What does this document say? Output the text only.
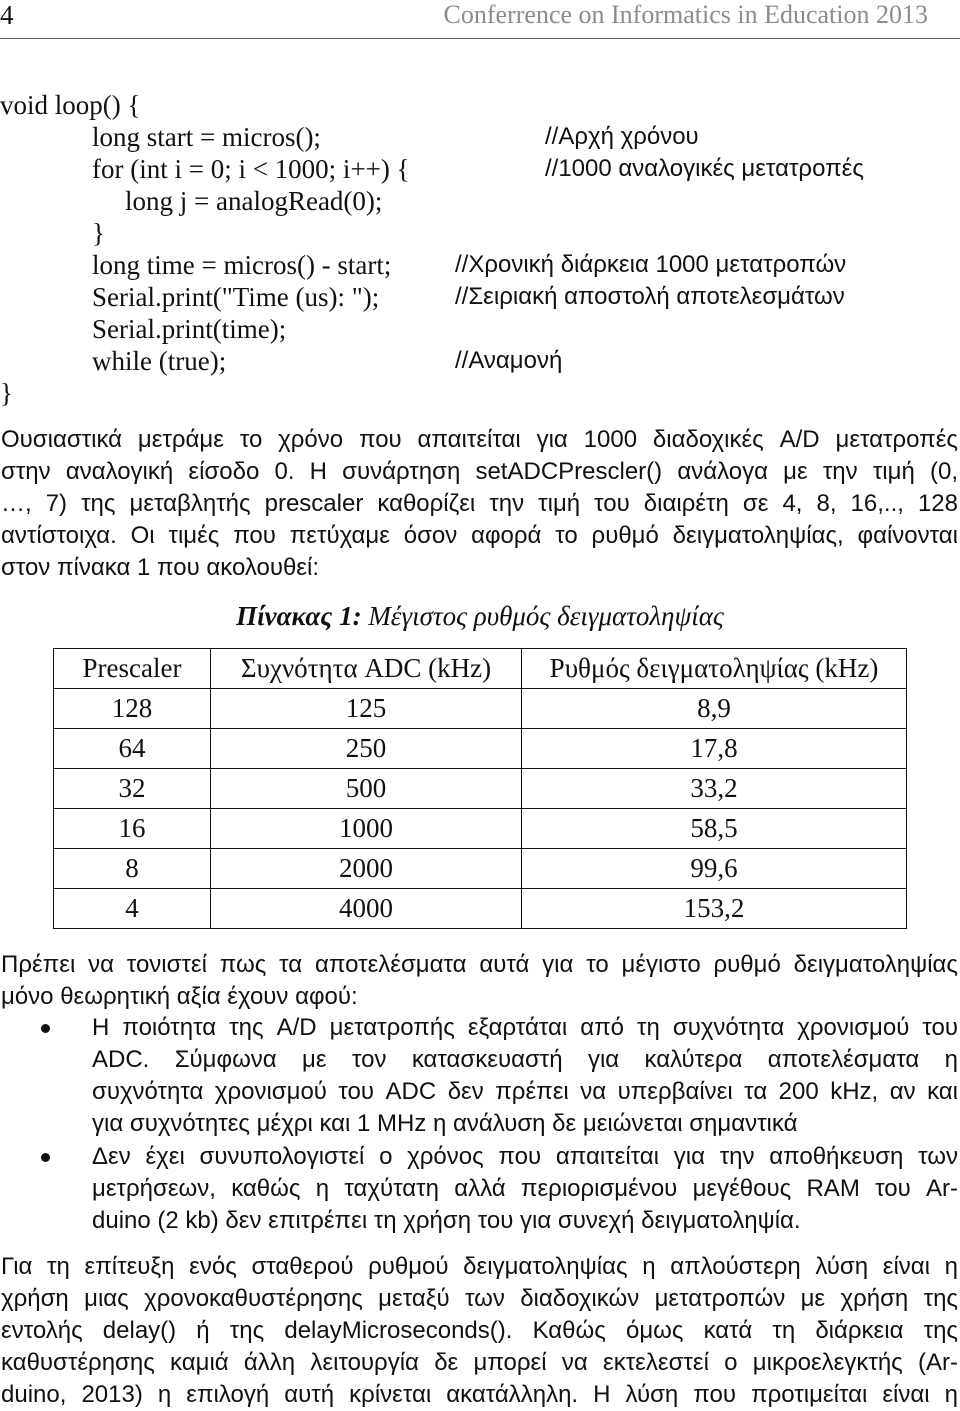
4	Conferrence on Informatics in Education 2013
void loop() {
long start = micros();	//Αρχή χρόνου
for (int i = 0; i < 1000; i++) {	//1000 αναλογικές μετατροπές
long j = analogRead(0);
}
long time = micros() - start;	//Χρονική διάρκεια 1000 μετατροπών
Serial.print("Time (us): ");	//Σειριακή αποστολή αποτελεσμάτων
Serial.print(time);
while (true);	//Αναμονή
}
Ουσιαστικά μετράμε το χρόνο που απαιτείται για 1000 διαδοχικές A/D μετατροπές
στην αναλογική είσοδο 0. Η συνάρτηση setADCPrescler() ανάλογα με την τιμή (0,
…, 7) της μεταβλητής prescaler καθορίζει την τιμή του διαιρέτη σε 4, 8, 16,.., 128
αντίστοιχα. Οι τιμές που πετύχαμε όσον αφορά το ρυθμό δειγματοληψίας, φαίνονται
στον πίνακα 1 που ακολουθεί:
Πίνακας 1: Μέγιστος ρυθμός δειγματοληψίας
Prescaler	Συχνότητα ADC (kHz)	Ρυθμός δειγματοληψίας (kHz)
128	125	8,9
64	250	17,8
32	500	33,2
16	1000	58,5
8	2000	99,6
4	4000	153,2
Πρέπει να τονιστεί πως τα αποτελέσματα αυτά για το μέγιστο ρυθμό δειγματοληψίας
μόνο θεωρητική αξία έχουν αφού:
Η ποιότητα της A/D μετατροπής εξαρτάται από τη συχνότητα χρονισμού του
ADC. Σύμφωνα με τον κατασκευαστή για καλύτερα αποτελέσματα η
συχνότητα χρονισμού του ADC δεν πρέπει να υπερβαίνει τα 200 kHz, αν και
για συχνότητες μέχρι και 1 MHz η ανάλυση δε μειώνεται σημαντικά
Δεν έχει συνυπολογιστεί ο χρόνος που απαιτείται για την αποθήκευση των
μετρήσεων, καθώς η ταχύτατη αλλά περιορισμένου μεγέθους RAM του Ar-
duino (2 kb) δεν επιτρέπει τη χρήση του για συνεχή δειγματοληψία.
Για τη επίτευξη ενός σταθερού ρυθμού δειγματοληψίας η απλούστερη λύση είναι η
χρήση μιας χρονοκαθυστέρησης μεταξύ των διαδοχικών μετατροπών με χρήση της
εντολής delay() ή της delayMicroseconds(). Καθώς όμως κατά τη διάρκεια της
καθυστέρησης καμιά άλλη λειτουργία δε μπορεί να εκτελεστεί ο μικροελεγκτής (Ar-
duino, 2013) η επιλογή αυτή κρίνεται ακατάλληλη. Η λύση που προτιμείται είναι η
